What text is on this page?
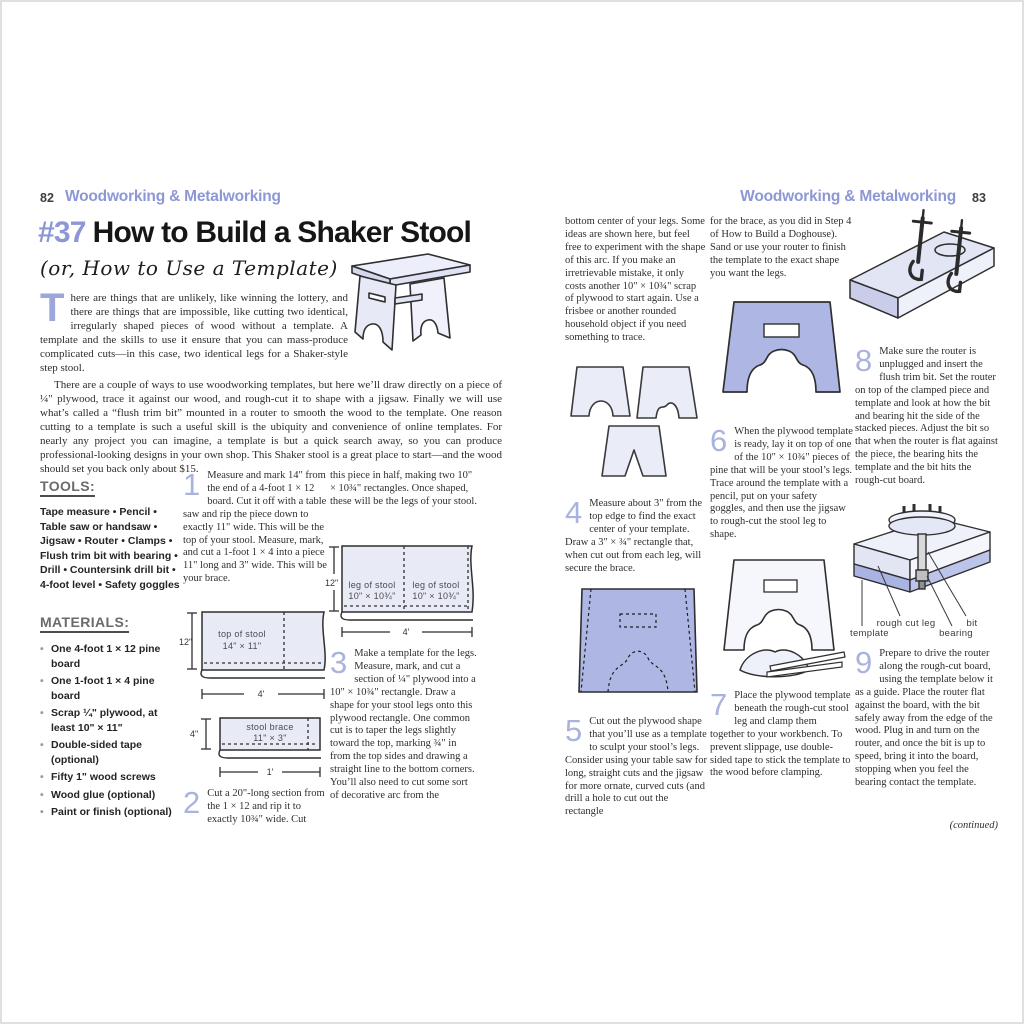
82 Woodworking & Metalworking
#37 How to Build a Shaker Stool
(or, How to Use a Template)
There are things that are unlikely, like winning the lottery, and there are things that are impossible, like cutting two identical, irregularly shaped pieces of wood without a template. A template and the skills to use it ensure that you can mass-produce complicated cuts—in this case, two identical legs for a Shaker-style step stool.
There are a couple of ways to use woodworking templates, but here we’ll draw directly on a piece of ¼" plywood, trace it against our wood, and rough-cut it to shape with a jigsaw. Finally we will use what’s called a “flush trim bit” mounted in a router to smooth the wood to the template. One reason cutting to a template is such a useful skill is the ubiquity and convenience of online templates. For nearly any project you can imagine, a template is but a quick search away, so you can produce professional-looking designs in your own shop. This Shaker stool is a great place to start—and the wood should set you back only about $15.
TOOLS:
Tape measure • Pencil • Table saw or handsaw • Jigsaw • Router • Clamps • Flush trim bit with bearing • Drill • Countersink drill bit • 4-foot level • Safety goggles
MATERIALS:
• One 4-foot 1 × 12 pine board
• One 1-foot 1 × 4 pine board
• Scrap ¼" plywood, at least 10" × 11"
• Double-sided tape (optional)
• Fifty 1" wood screws
• Wood glue (optional)
• Paint or finish (optional)
1 Measure and mark 14" from the end of a 4-foot 1 × 12 board. Cut it off with a table saw and rip the piece down to exactly 11" wide. This will be the top of your stool. Measure, mark, and cut a 1-foot 1 × 4 into a piece 11" long and 3" wide. This will be your brace.
top of stool
14" × 11"
12"
4'
stool brace
11" × 3"
4"
1'
2 Cut a 20"-long section from the 1 × 12 and rip it to exactly 10¾" wide. Cut
this piece in half, making two 10" × 10¾" rectangles. Once shaped, these will be the legs of your stool.
leg of stool
10" × 10¾"
leg of stool
10" × 10¾"
12"
4'
3 Make a template for the legs. Measure, mark, and cut a section of ¼" plywood into a 10" × 10¾" rectangle. Draw a shape for your stool legs onto this plywood rectangle. One common cut is to taper the legs slightly toward the top, marking ¾" in from the top sides and drawing a straight line to the bottom corners. You’ll also need to cut some sort of decorative arc from the
Woodworking & Metalworking 83
bottom center of your legs. Some ideas are shown here, but feel free to experiment with the shape of this arc. If you make an irretrievable mistake, it only costs another 10" × 10¾" scrap of plywood to start again. Use a frisbee or another rounded household object if you need something to trace.
4 Measure about 3" from the top edge to find the exact center of your template. Draw a 3" × ¾" rectangle that, when cut out from each leg, will secure the brace.
5 Cut out the plywood shape that you’ll use as a template to sculpt your stool’s legs. Consider using your table saw for long, straight cuts and the jigsaw for more ornate, curved cuts (and drill a hole to cut out the rectangle
for the brace, as you did in Step 4 of How to Build a Doghouse). Sand or use your router to finish the template to the exact shape you want the legs.
6 When the plywood template is ready, lay it on top of one of the 10" × 10¾" pieces of pine that will be your stool’s legs. Trace around the template with a pencil, put on your safety goggles, and then use the jigsaw to rough-cut the stool leg to shape.
7 Place the plywood template beneath the rough-cut stool leg and clamp them together to your workbench. To prevent slippage, use double-sided tape to stick the template to the wood before clamping.
8 Make sure the router is unplugged and insert the flush trim bit. Set the router on top of the clamped piece and template and look at how the bit and bearing hit the side of the stacked pieces. Adjust the bit so that when the router is flat against the piece, the bearing hits the template and the bit hits the rough-cut board.
template
rough cut leg	bit
bearing
9 Prepare to drive the router along the rough-cut board, using the template below it as a guide. Place the router flat against the board, with the bit safely away from the edge of the wood. Plug in and turn on the router, and once the bit is up to speed, bring it into the board, stopping when you feel the bearing contact the template.
(continued)
